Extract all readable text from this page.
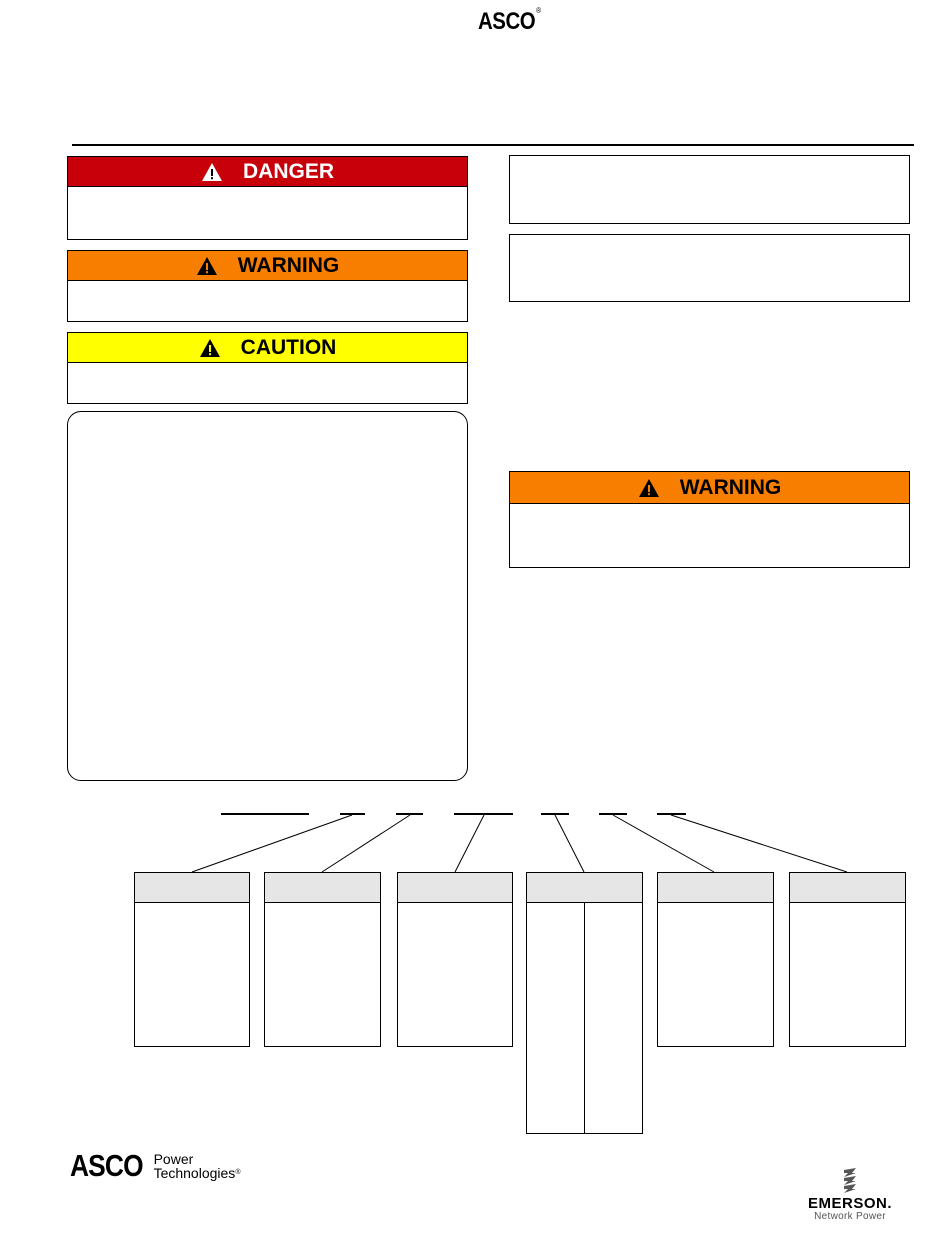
ASCO®
DANGER
WARNING
CAUTION
WARNING
ASCO Power
Technologies®
EMERSON.
Network Power
